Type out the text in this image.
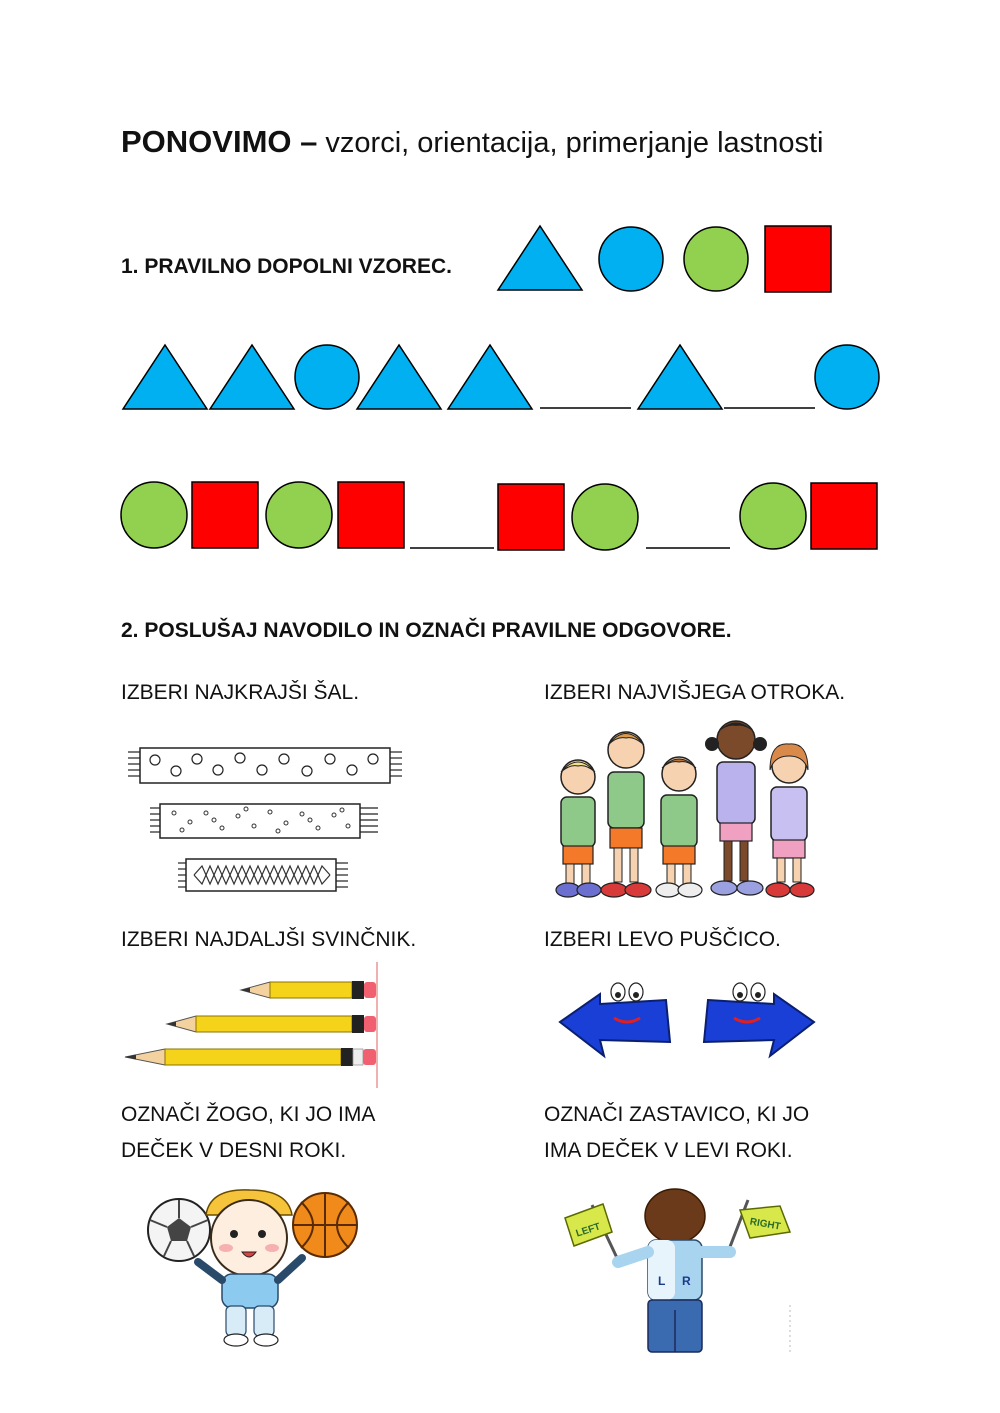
PONOVIMO – vzorci, orientacija, primerjanje lastnosti
1. PRAVILNO DOPOLNI VZOREC.
2. POSLUŠAJ NAVODILO IN OZNAČI PRAVILNE ODGOVORE.
IZBERI NAJKRAJŠI ŠAL.	IZBERI NAJVIŠJEGA OTROKA.
IZBERI NAJDALJŠI SVINČNIK.	IZBERI LEVO PUŠČICO.
OZNAČI ŽOGO, KI JO IMA
DEČEK V DESNI ROKI.
OZNAČI ZASTAVICO, KI JO
IMA DEČEK V LEVI ROKI.
LEFT	RIGHT
L R
